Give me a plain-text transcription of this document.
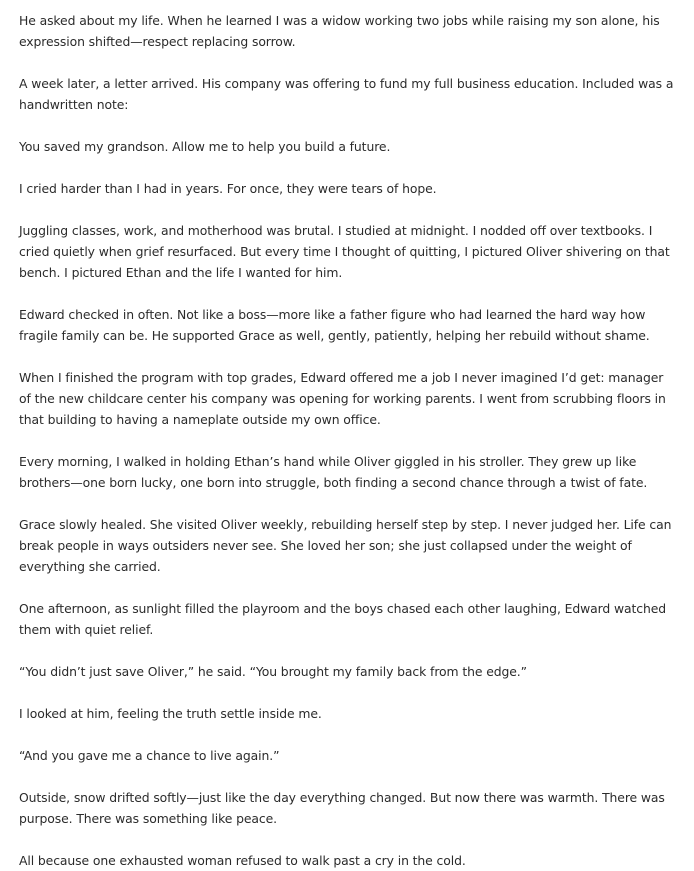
He asked about my life. When he learned I was a widow working two jobs while raising my son alone, his expression shifted—respect replacing sorrow.

A week later, a letter arrived. His company was offering to fund my full business education. Included was a handwritten note:

You saved my grandson. Allow me to help you build a future.

I cried harder than I had in years. For once, they were tears of hope.

Juggling classes, work, and motherhood was brutal. I studied at midnight. I nodded off over textbooks. I cried quietly when grief resurfaced. But every time I thought of quitting, I pictured Oliver shivering on that bench. I pictured Ethan and the life I wanted for him.

Edward checked in often. Not like a boss—more like a father figure who had learned the hard way how fragile family can be. He supported Grace as well, gently, patiently, helping her rebuild without shame.

When I finished the program with top grades, Edward offered me a job I never imagined I’d get: manager of the new childcare center his company was opening for working parents. I went from scrubbing floors in that building to having a nameplate outside my own office.

Every morning, I walked in holding Ethan’s hand while Oliver giggled in his stroller. They grew up like brothers—one born lucky, one born into struggle, both finding a second chance through a twist of fate.

Grace slowly healed. She visited Oliver weekly, rebuilding herself step by step. I never judged her. Life can break people in ways outsiders never see. She loved her son; she just collapsed under the weight of everything she carried.

One afternoon, as sunlight filled the playroom and the boys chased each other laughing, Edward watched them with quiet relief.

“You didn’t just save Oliver,” he said. “You brought my family back from the edge.”

I looked at him, feeling the truth settle inside me.

“And you gave me a chance to live again.”

Outside, snow drifted softly—just like the day everything changed. But now there was warmth. There was purpose. There was something like peace.

All because one exhausted woman refused to walk past a cry in the cold.
